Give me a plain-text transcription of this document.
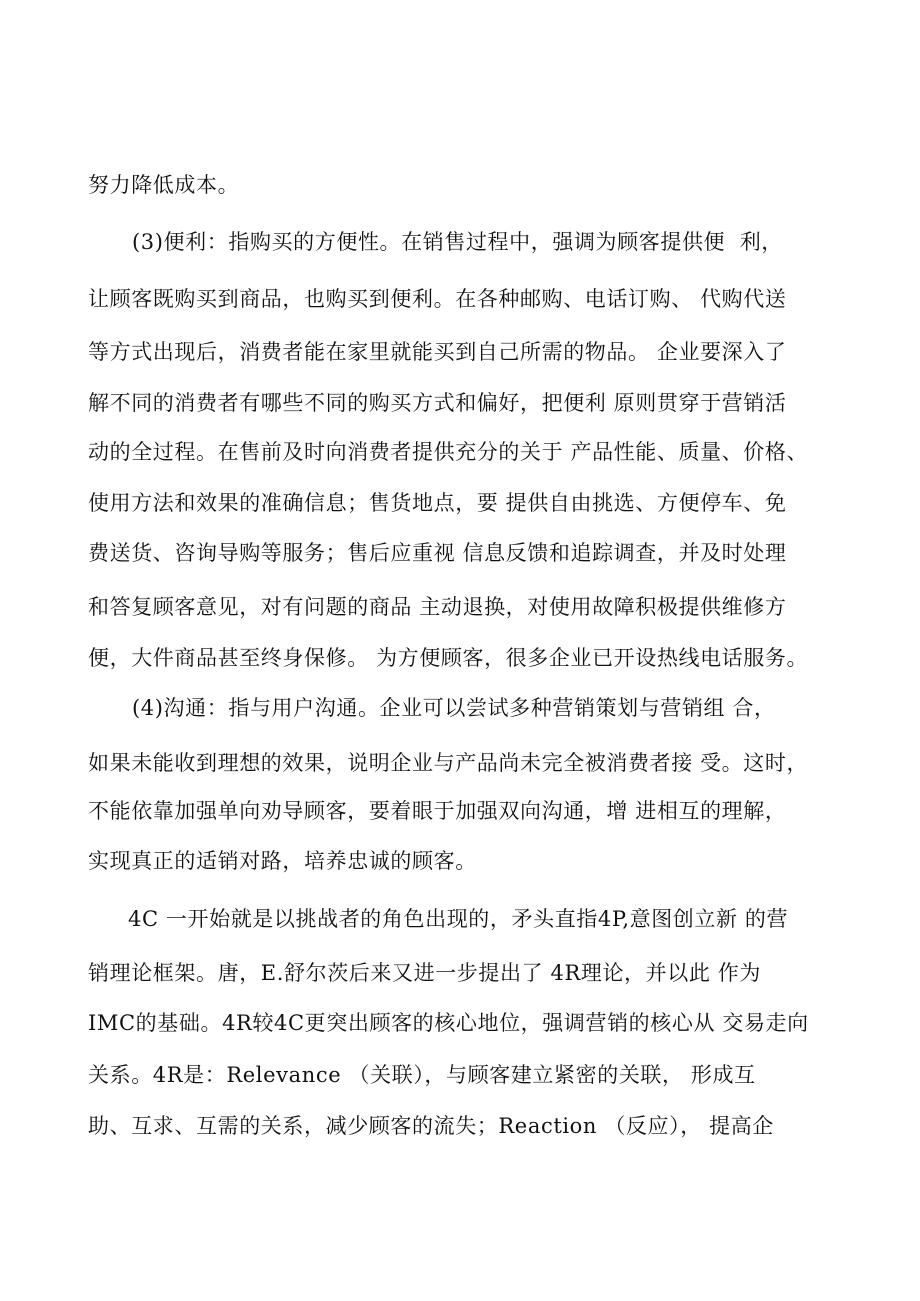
努力降低成本。
(3)便利：指购买的方便性。在销售过程中，强调为顾客提供便  利，
让顾客既购买到商品，也购买到便利。在各种邮购、电话订购、 代购代送
等方式出现后，消费者能在家里就能买到自己所需的物品。 企业要深入了
解不同的消费者有哪些不同的购买方式和偏好，把便利 原则贯穿于营销活
动的全过程。在售前及时向消费者提供充分的关于 产品性能、质量、价格、
使用方法和效果的准确信息；售货地点，要 提供自由挑选、方便停车、免
费送货、咨询导购等服务；售后应重视 信息反馈和追踪调查，并及时处理
和答复顾客意见，对有问题的商品 主动退换，对使用故障积极提供维修方
便，大件商品甚至终身保修。 为方便顾客，很多企业已开设热线电话服务。
(4)沟通：指与用户沟通。企业可以尝试多种营销策划与营销组 合，
如果未能收到理想的效果，说明企业与产品尚未完全被消费者接 受。这时，
不能依靠加强单向劝导顾客，要着眼于加强双向沟通，增 进相互的理解，
实现真正的适销对路，培养忠诚的顾客。
4C 一开始就是以挑战者的角色出现的，矛头直指4P,意图创立新 的营
销理论框架。唐，E.舒尔茨后来又进一步提出了 4R理论，并以此 作为
IMC的基础。4R较4C更突出顾客的核心地位，强调营销的核心从 交易走向
关系。4R是：Relevance （关联），与顾客建立紧密的关联， 形成互
助、互求、互需的关系，减少顾客的流失；Reaction （反应）， 提高企
